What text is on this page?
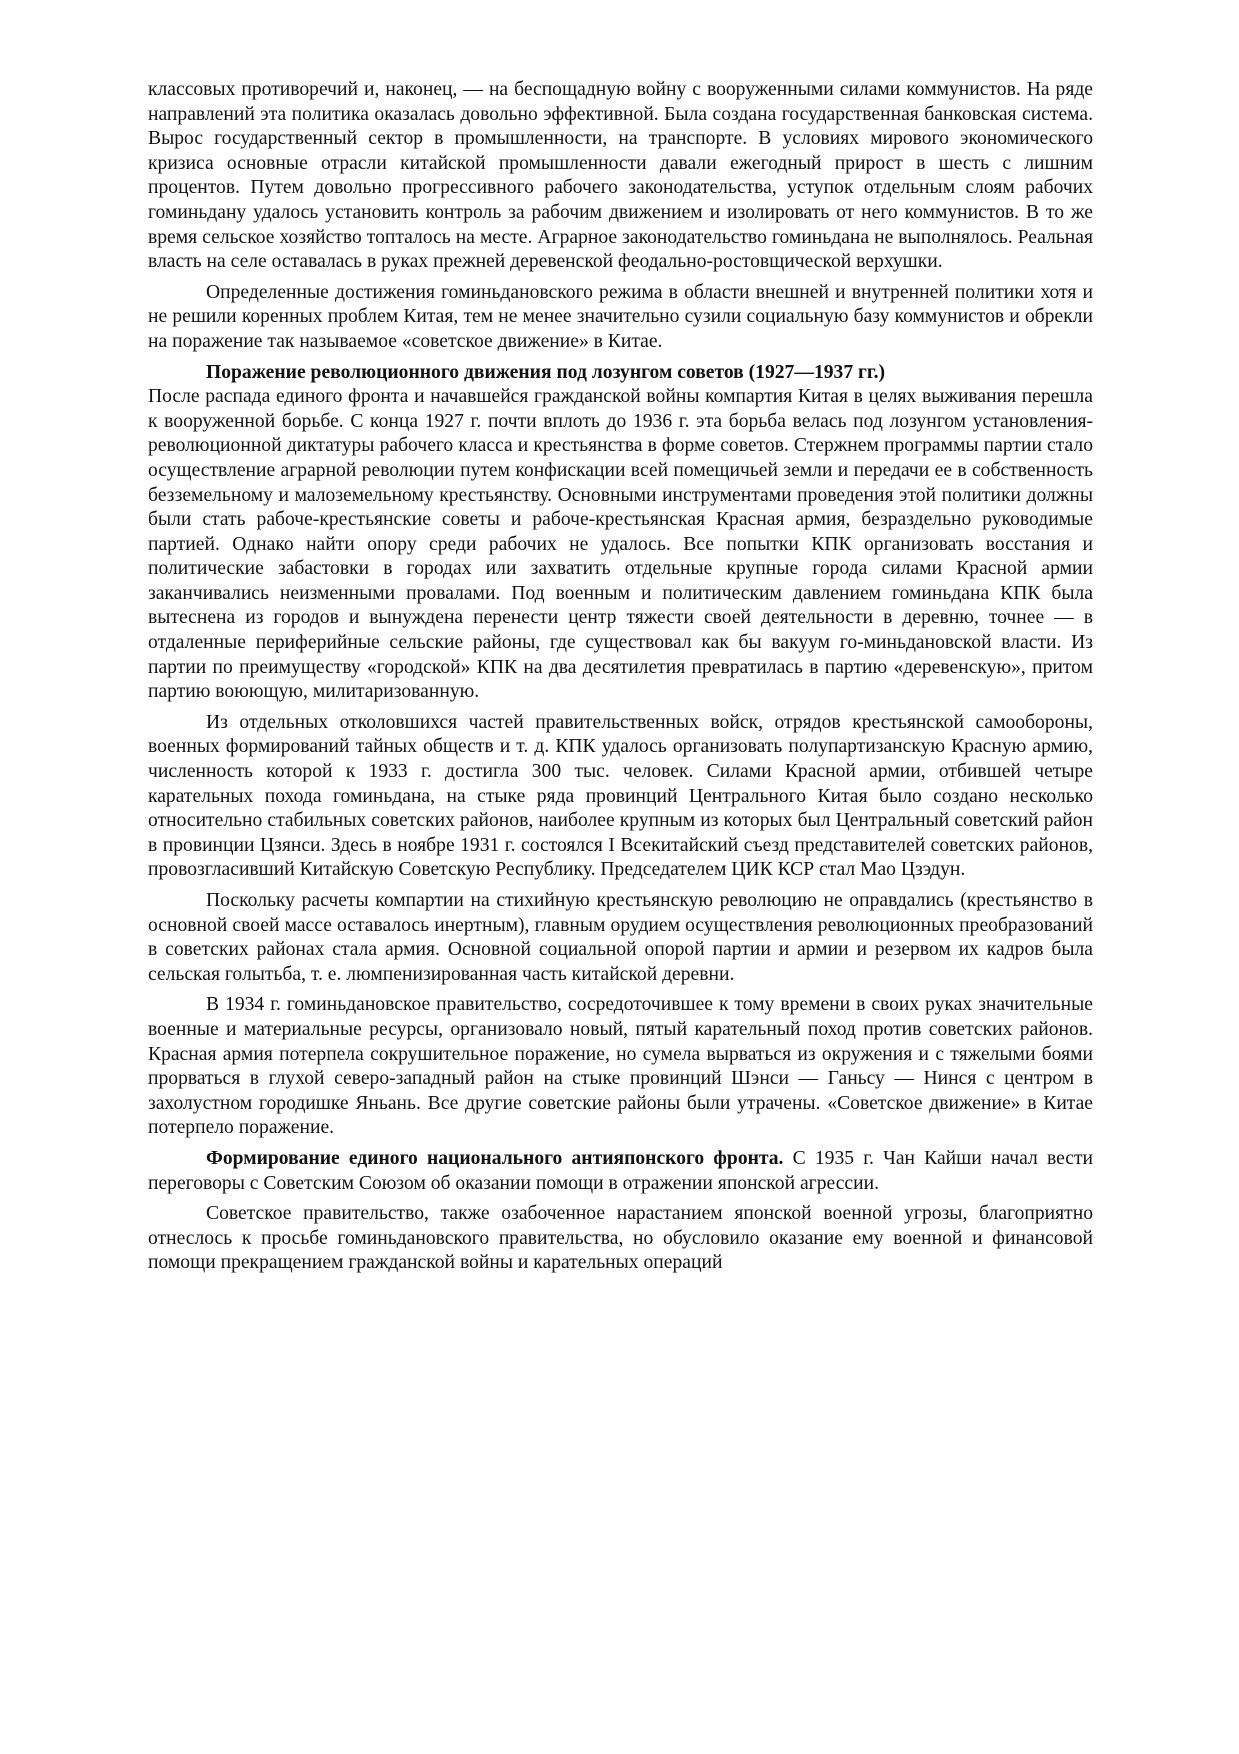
классовых противоречий и, наконец, — на беспощадную войну с вооруженными силами коммунистов. На ряде направлений эта политика оказалась довольно эффективной. Была создана государственная банковская система. Вырос государственный сектор в промышленности, на транспорте. В условиях мирового экономического кризиса основные отрасли китайской промышленности давали ежегодный прирост в шесть с лишним процентов. Путем довольно прогрессивного рабочего законодательства, уступок отдельным слоям рабочих гоминьдану удалось установить контроль за рабочим движением и изолировать от него коммунистов. В то же время сельское хозяйство топталось на месте. Аграрное законодательство гоминьдана не выполнялось. Реальная власть на селе оставалась в руках прежней деревенской феодально-ростовщической верхушки.

Определенные достижения гоминьдановского режима в области внешней и внутренней политики хотя и не решили коренных проблем Китая, тем не менее значительно сузили социальную базу коммунистов и обрекли на поражение так называемое «советское движение» в Китае.

Поражение революционного движения под лозунгом советов (1927—1937 гг.)

После распада единого фронта и начавшейся гражданской войны компартия Китая в целях выживания перешла к вооруженной борьбе. С конца 1927 г. почти вплоть до 1936 г. эта борьба велась под лозунгом установления- революционной диктатуры рабочего класса и крестьянства в форме советов. Стержнем программы партии стало осуществление аграрной революции путем конфискации всей помещичьей земли и передачи ее в собственность безземельному и малоземельному крестьянству. Основными инструментами проведения этой политики должны были стать рабоче-крестьянские советы и рабоче-крестьянская Красная армия, безраздельно руководимые партией. Однако найти опору среди рабочих не удалось. Все попытки КПК организовать восстания и политические забастовки в городах или захватить отдельные крупные города силами Красной армии заканчивались неизменными провалами. Под военным и политическим давлением гоминьдана КПК была вытеснена из городов и вынуждена перенести центр тяжести своей деятельности в деревню, точнее — в отдаленные периферийные сельские районы, где существовал как бы вакуум го-миньдановской власти. Из партии по преимуществу «городской» КПК на два десятилетия превратилась в партию «деревенскую», притом партию воюющую, милитаризованную.

Из отдельных отколовшихся частей правительственных войск, отрядов крестьянской самообороны, военных формирований тайных обществ и т. д. КПК удалось организовать полупартизанскую Красную армию, численность которой к 1933 г. достигла 300 тыс. человек. Силами Красной армии, отбившей четыре карательных похода гоминьдана, на стыке ряда провинций Центрального Китая было создано несколько относительно стабильных советских районов, наиболее крупным из которых был Центральный советский район в провинции Цзянси. Здесь в ноябре 1931 г. состоялся I Всекитайский съезд представителей советских районов, провозгласивший Китайскую Советскую Республику. Председателем ЦИК КСР стал Мао Цзэдун.

Поскольку расчеты компартии на стихийную крестьянскую революцию не оправдались (крестьянство в основной своей массе оставалось инертным), главным орудием осуществления революционных преобразований в советских районах стала армия. Основной социальной опорой партии и армии и резервом их кадров была сельская голытьба, т. е. люмпенизированная часть китайской деревни.

В 1934 г. гоминьдановское правительство, сосредоточившее к тому времени в своих руках значительные военные и материальные ресурсы, организовало новый, пятый карательный поход против советских районов. Красная армия потерпела сокрушительное поражение, но сумела вырваться из окружения и с тяжелыми боями прорваться в глухой северо-западный район на стыке провинций Шэнси — Ганьсу — Нинся с центром в захолустном городишке Яньань. Все другие советские районы были утрачены. «Советское движение» в Китае потерпело поражение.

Формирование единого национального антияпонского фронта. С 1935 г. Чан Кайши начал вести переговоры с Советским Союзом об оказании помощи в отражении японской агрессии.

Советское правительство, также озабоченное нарастанием японской военной угрозы, благоприятно отнеслось к просьбе гоминьдановского правительства, но обусловило оказание ему военной и финансовой помощи прекращением гражданской войны и карательных операций
